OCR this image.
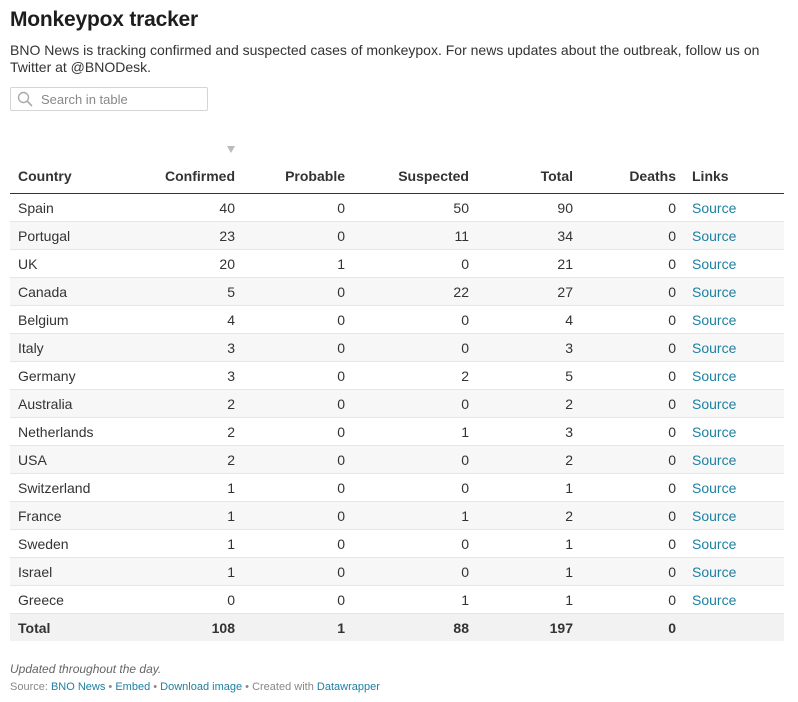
Monkeypox tracker
BNO News is tracking confirmed and suspected cases of monkeypox. For news updates about the outbreak, follow us on Twitter at @BNODesk.
Search in table
Country	Confirmed	Probable	Suspected	Total	Deaths	Links
Spain	40	0	50	90	0	Source
Portugal	23	0	11	34	0	Source
UK	20	1	0	21	0	Source
Canada	5	0	22	27	0	Source
Belgium	4	0	0	4	0	Source
Italy	3	0	0	3	0	Source
Germany	3	0	2	5	0	Source
Australia	2	0	0	2	0	Source
Netherlands	2	0	1	3	0	Source
USA	2	0	0	2	0	Source
Switzerland	1	0	0	1	0	Source
France	1	0	1	2	0	Source
Sweden	1	0	0	1	0	Source
Israel	1	0	0	1	0	Source
Greece	0	0	1	1	0	Source
Total	108	1	88	197	0	
Updated throughout the day.
Source: BNO News • Embed • Download image • Created with Datawrapper
